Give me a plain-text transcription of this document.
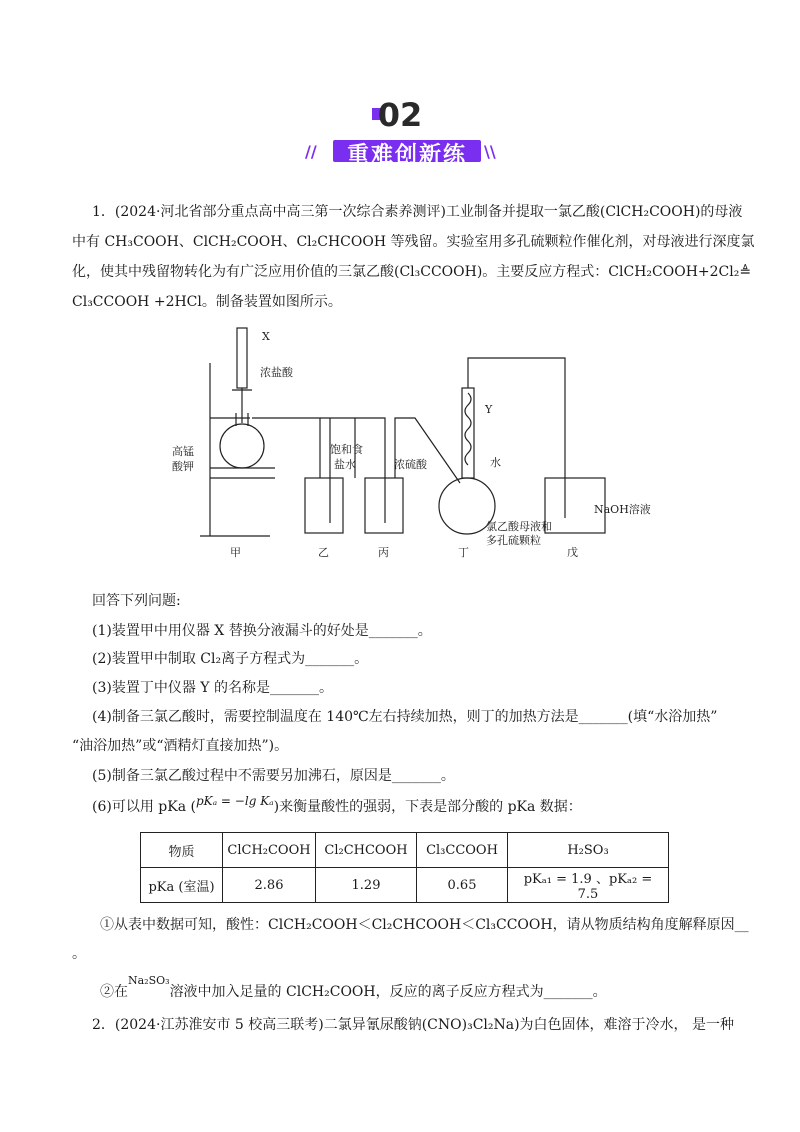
02
//	重难创新练	\\
1．(2024·河北省部分重点高中高三第一次综合素养测评)工业制备并提取一氯乙酸(ClCH₂COOH)的母液
中有 CH₃COOH、ClCH₂COOH、Cl₂CHCOOH 等残留。实验室用多孔硫颗粒作催化剂，对母液进行深度氯
化，使其中残留物转化为有广泛应用价值的三氯乙酸(Cl₃CCOOH)。主要反应方程式：ClCH₂COOH+2Cl₂≜
Cl₃CCOOH +2HCl。制备装置如图所示。
X
浓盐酸
高锰
酸钾
饱和食
盐水	浓硫酸
Y
水
氯乙酸母液和
多孔硫颗粒
NaOH溶液
甲	乙	丙	丁	戊
回答下列问题:
(1)装置甲中用仪器 X 替换分液漏斗的好处是_______。
(2)装置甲中制取 Cl₂离子方程式为_______。
(3)装置丁中仪器 Y 的名称是_______。
(4)制备三氯乙酸时，需要控制温度在 140℃左右持续加热，则丁的加热方法是_______(填“水浴加热”
“油浴加热”或“酒精灯直接加热”)。
(5)制备三氯乙酸过程中不需要另加沸石，原因是_______。
(6)可以用 pKa (pKₐ = −lg Kₐ)来衡量酸性的强弱，下表是部分酸的 pKa 数据：
物质	ClCH₂COOH	Cl₂CHCOOH	Cl₃CCOOH	H₂SO₃
pKa (室温)	2.86	1.29	0.65	pKₐ₁ = 1.9 、pKₐ₂ = 7.5
①从表中数据可知，酸性：ClCH₂COOH＜Cl₂CHCOOH＜Cl₃CCOOH，请从物质结构角度解释原因__
。
②在$^{Na_2SO_3}$溶液中加入足量的 ClCH₂COOH，反应的离子反应方程式为_______。
2．(2024·江苏淮安市 5 校高三联考)二氯异氰尿酸钠(CNO)₃Cl₂Na)为白色固体，难溶于冷水， 是一种
